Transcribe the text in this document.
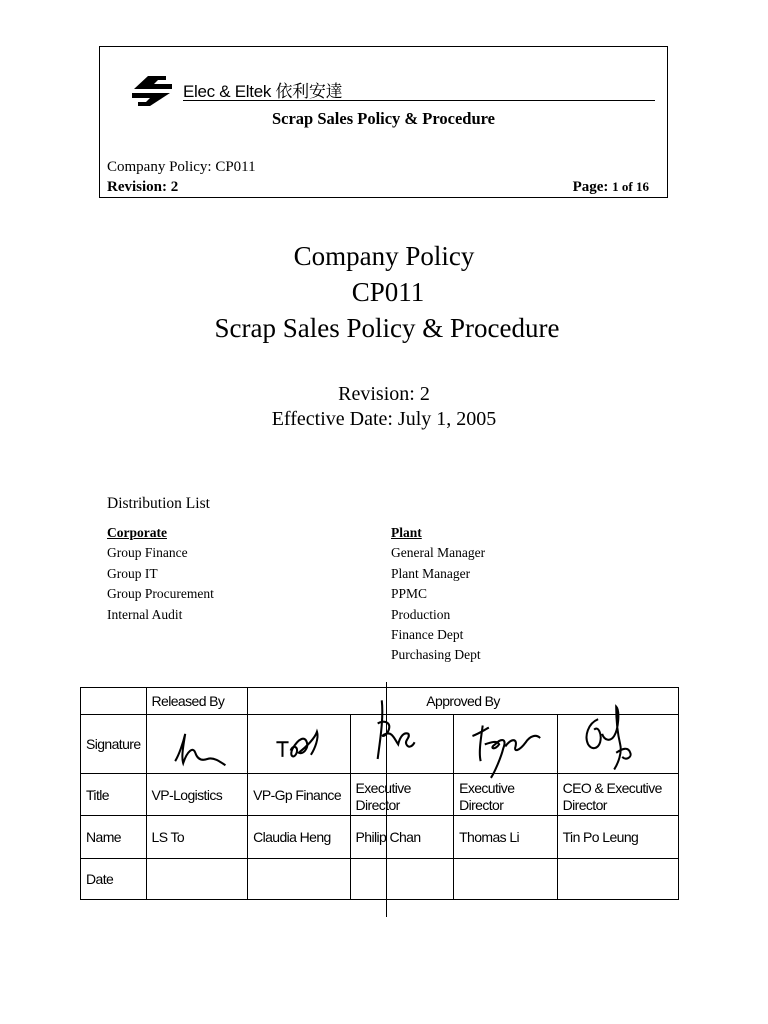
Elec & Eltek 依利安達
Scrap Sales Policy & Procedure
Company Policy: CP011
Revision: 2	Page: 1 of 16
Company Policy
CP011
Scrap Sales Policy & Procedure
Revision: 2
Effective Date: July 1, 2005
Distribution List
Corporate
Group Finance
Group IT
Group Procurement
Internal Audit
Plant
General Manager
Plant Manager
PPMC
Production
Finance Dept
Purchasing Dept
	Released By	Approved By			
Signature	

Title	VP-Logistics	VP-Gp Finance	Executive Director	Executive Director	CEO & Executive Director
Name	LS To	Claudia Heng	Philip Chan	Thomas Li	Tin Po Leung
Date					
